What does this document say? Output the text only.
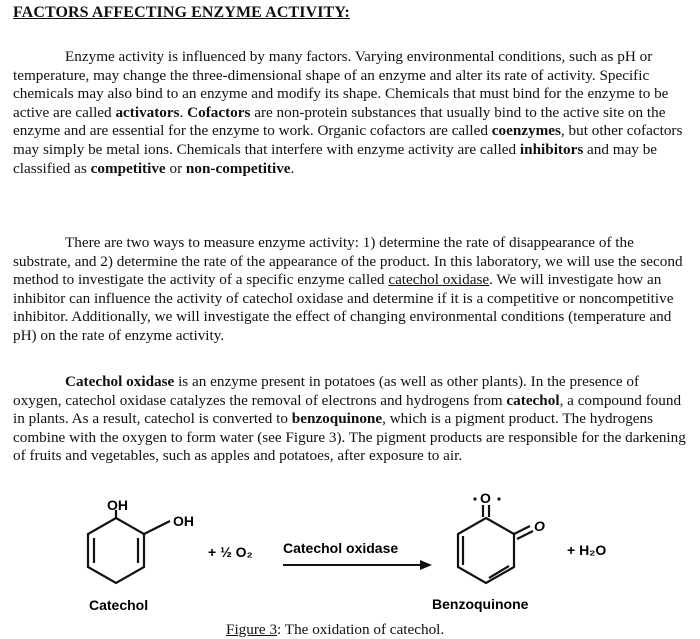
FACTORS AFFECTING ENZYME ACTIVITY:

Enzyme activity is influenced by many factors. Varying environmental conditions, such as pH or temperature, may change the three-dimensional shape of an enzyme and alter its rate of activity. Specific chemicals may also bind to an enzyme and modify its shape. Chemicals that must bind for the enzyme to be active are called activators. Cofactors are non-protein substances that usually bind to the active site on the enzyme and are essential for the enzyme to work. Organic cofactors are called coenzymes, but other cofactors may simply be metal ions. Chemicals that interfere with enzyme activity are called inhibitors and may be classified as competitive or non-competitive.

There are two ways to measure enzyme activity: 1) determine the rate of disappearance of the substrate, and 2) determine the rate of the appearance of the product. In this laboratory, we will use the second method to investigate the activity of a specific enzyme called catechol oxidase. We will investigate how an inhibitor can influence the activity of catechol oxidase and determine if it is a competitive or noncompetitive inhibitor. Additionally, we will investigate the effect of changing environmental conditions (temperature and pH) on the rate of enzyme activity.

Catechol oxidase is an enzyme present in potatoes (as well as other plants). In the presence of oxygen, catechol oxidase catalyzes the removal of electrons and hydrogens from catechol, a compound found in plants. As a result, catechol is converted to benzoquinone, which is a pigment product. The hydrogens combine with the oxygen to form water (see Figure 3). The pigment products are responsible for the darkening of fruits and vegetables, such as apples and potatoes, after exposure to air.

OH
OH
+ ½ O₂ Catechol oxidase
O
O
+ H₂O
Catechol	Benzoquinone
Figure 3: The oxidation of catechol.
